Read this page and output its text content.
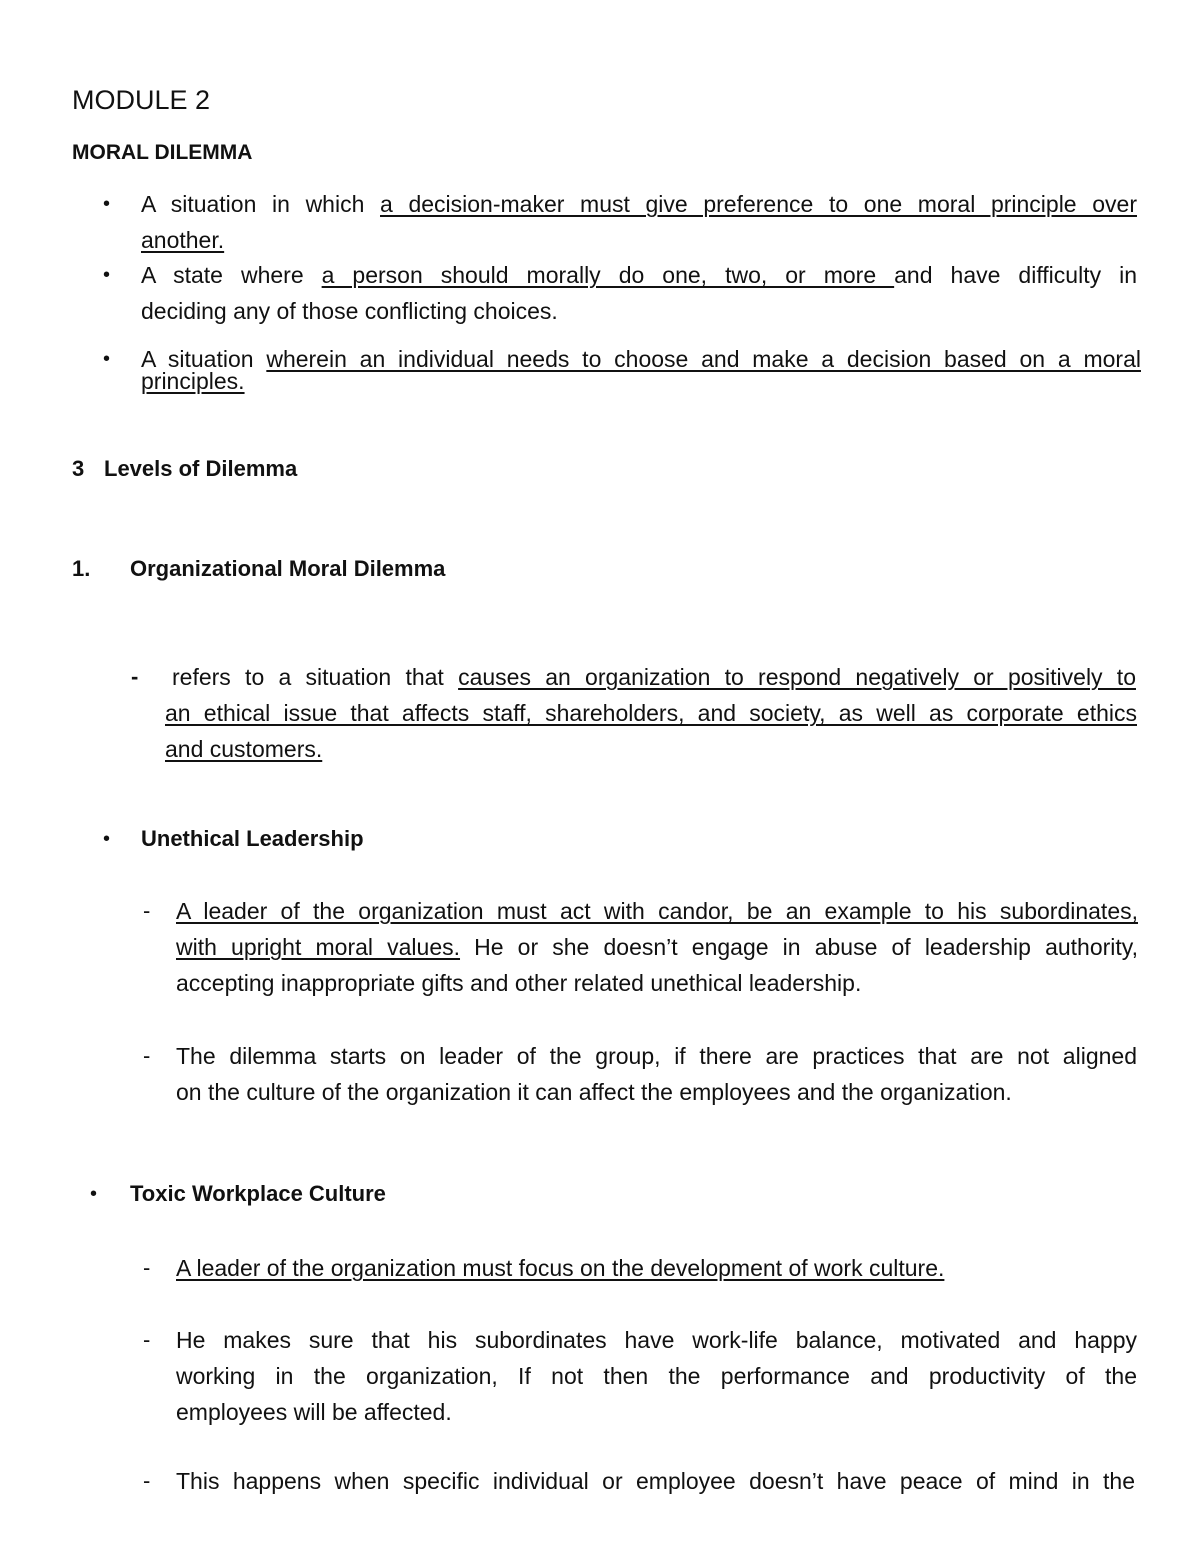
MODULE 2
MORAL DILEMMA
• A situation in which a decision-maker must give preference to one moral principle over
another.
• A state where a person should morally do one, two, or more and have difficulty in
deciding any of those conflicting choices.
• A situation wherein an individual needs to choose and make a decision based on a moral
principles.
3 Levels of Dilemma
1. Organizational Moral Dilemma
- refers to a situation that causes an organization to respond negatively or positively to
an ethical issue that affects staff, shareholders, and society, as well as corporate ethics
and customers.
• Unethical Leadership
- A leader of the organization must act with candor, be an example to his subordinates,
with upright moral values. He or she doesn’t engage in abuse of leadership authority,
accepting inappropriate gifts and other related unethical leadership.
- The dilemma starts on leader of the group, if there are practices that are not aligned
on the culture of the organization it can affect the employees and the organization.
• Toxic Workplace Culture
- A leader of the organization must focus on the development of work culture.
- He makes sure that his subordinates have work-life balance, motivated and happy
working in the organization, If not then the performance and productivity of the
employees will be affected.
- This happens when specific individual or employee doesn’t have peace of mind in the
